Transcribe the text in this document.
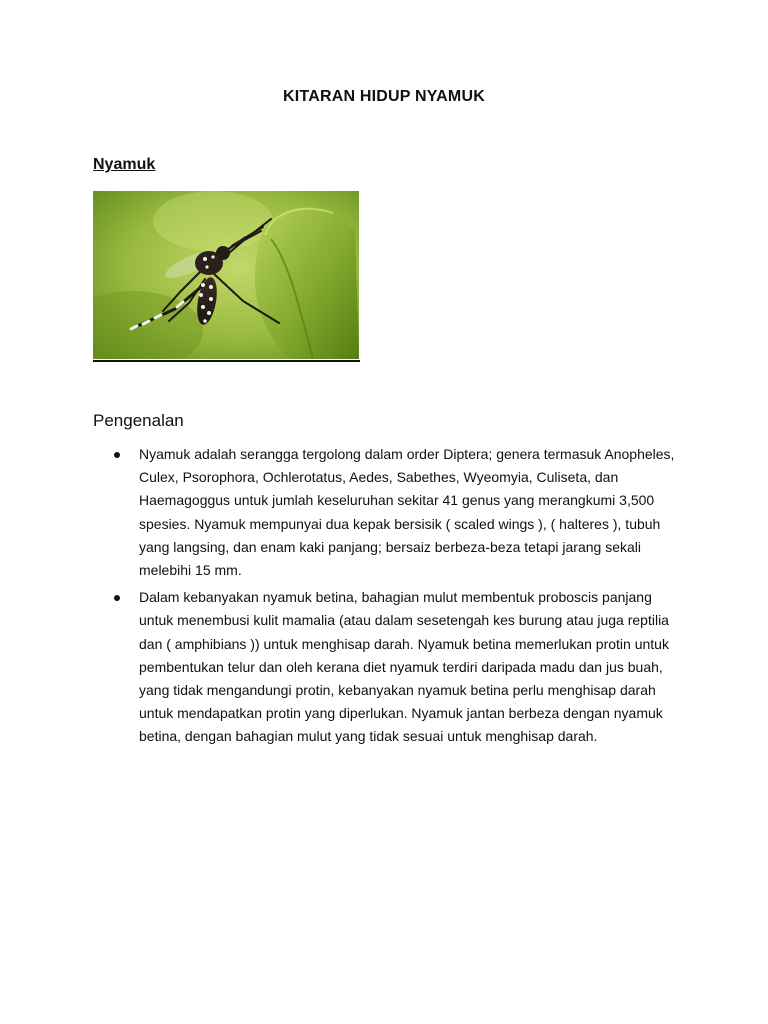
KITARAN HIDUP NYAMUK
Nyamuk
Pengenalan
Nyamuk adalah serangga tergolong dalam order Diptera; genera termasuk Anopheles, Culex, Psorophora, Ochlerotatus, Aedes, Sabethes, Wyeomyia, Culiseta, dan Haemagoggus untuk jumlah keseluruhan sekitar 41 genus yang merangkumi 3,500 spesies. Nyamuk mempunyai dua kepak bersisik ( scaled wings ), ( halteres ), tubuh yang langsing, dan enam kaki panjang; bersaiz berbeza-beza tetapi jarang sekali melebihi 15 mm.
Dalam kebanyakan nyamuk betina, bahagian mulut membentuk proboscis panjang untuk menembusi kulit mamalia (atau dalam sesetengah kes burung atau juga reptilia dan ( amphibians )) untuk menghisap darah. Nyamuk betina memerlukan protin untuk pembentukan telur dan oleh kerana diet nyamuk terdiri daripada madu dan jus buah, yang tidak mengandungi protin, kebanyakan nyamuk betina perlu menghisap darah untuk mendapatkan protin yang diperlukan. Nyamuk jantan berbeza dengan nyamuk betina, dengan bahagian mulut yang tidak sesuai untuk menghisap darah.
